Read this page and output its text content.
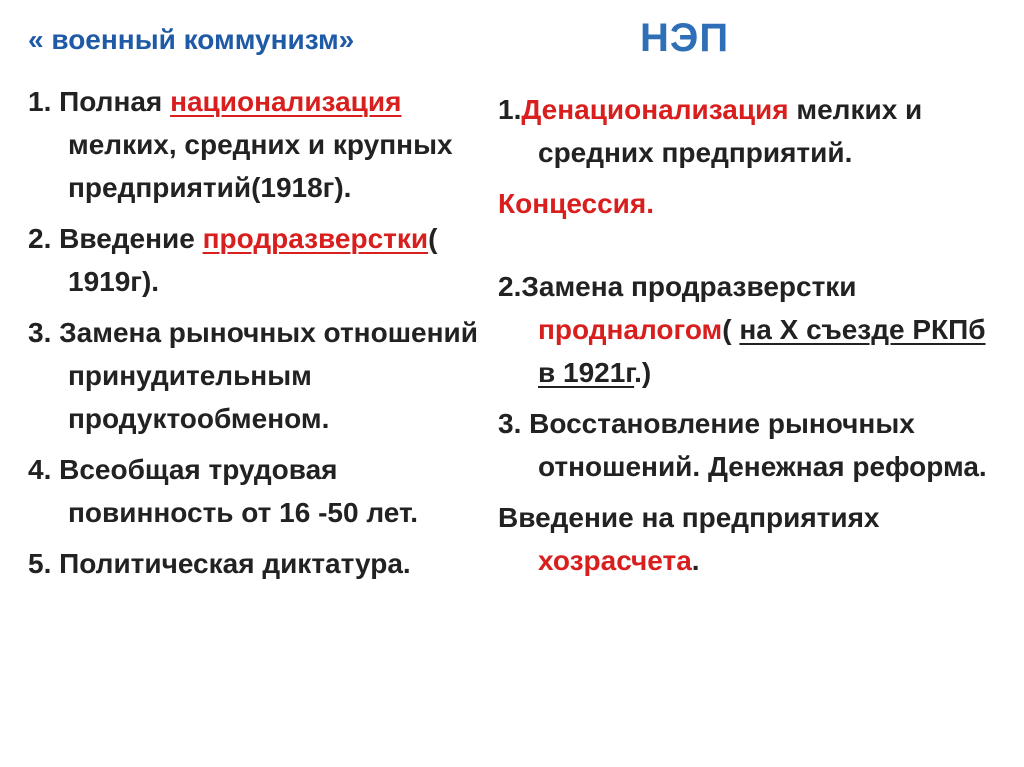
« военный коммунизм»	НЭП
1. Полная национализация мелких, средних и крупных предприятий(1918г).
2. Введение продразверстки( 1919г).
3. Замена рыночных отношений принудительным продуктообменом.
4. Всеобщая трудовая повинность от 16 -50 лет.
5. Политическая диктатура.
1.Денационализация мелких и средних предприятий.
Концессия.
2.Замена продразверстки продналогом( на Х съезде РКПб в 1921г.)
3. Восстановление рыночных отношений. Денежная реформа.
Введение на предприятиях хозрасчета.
